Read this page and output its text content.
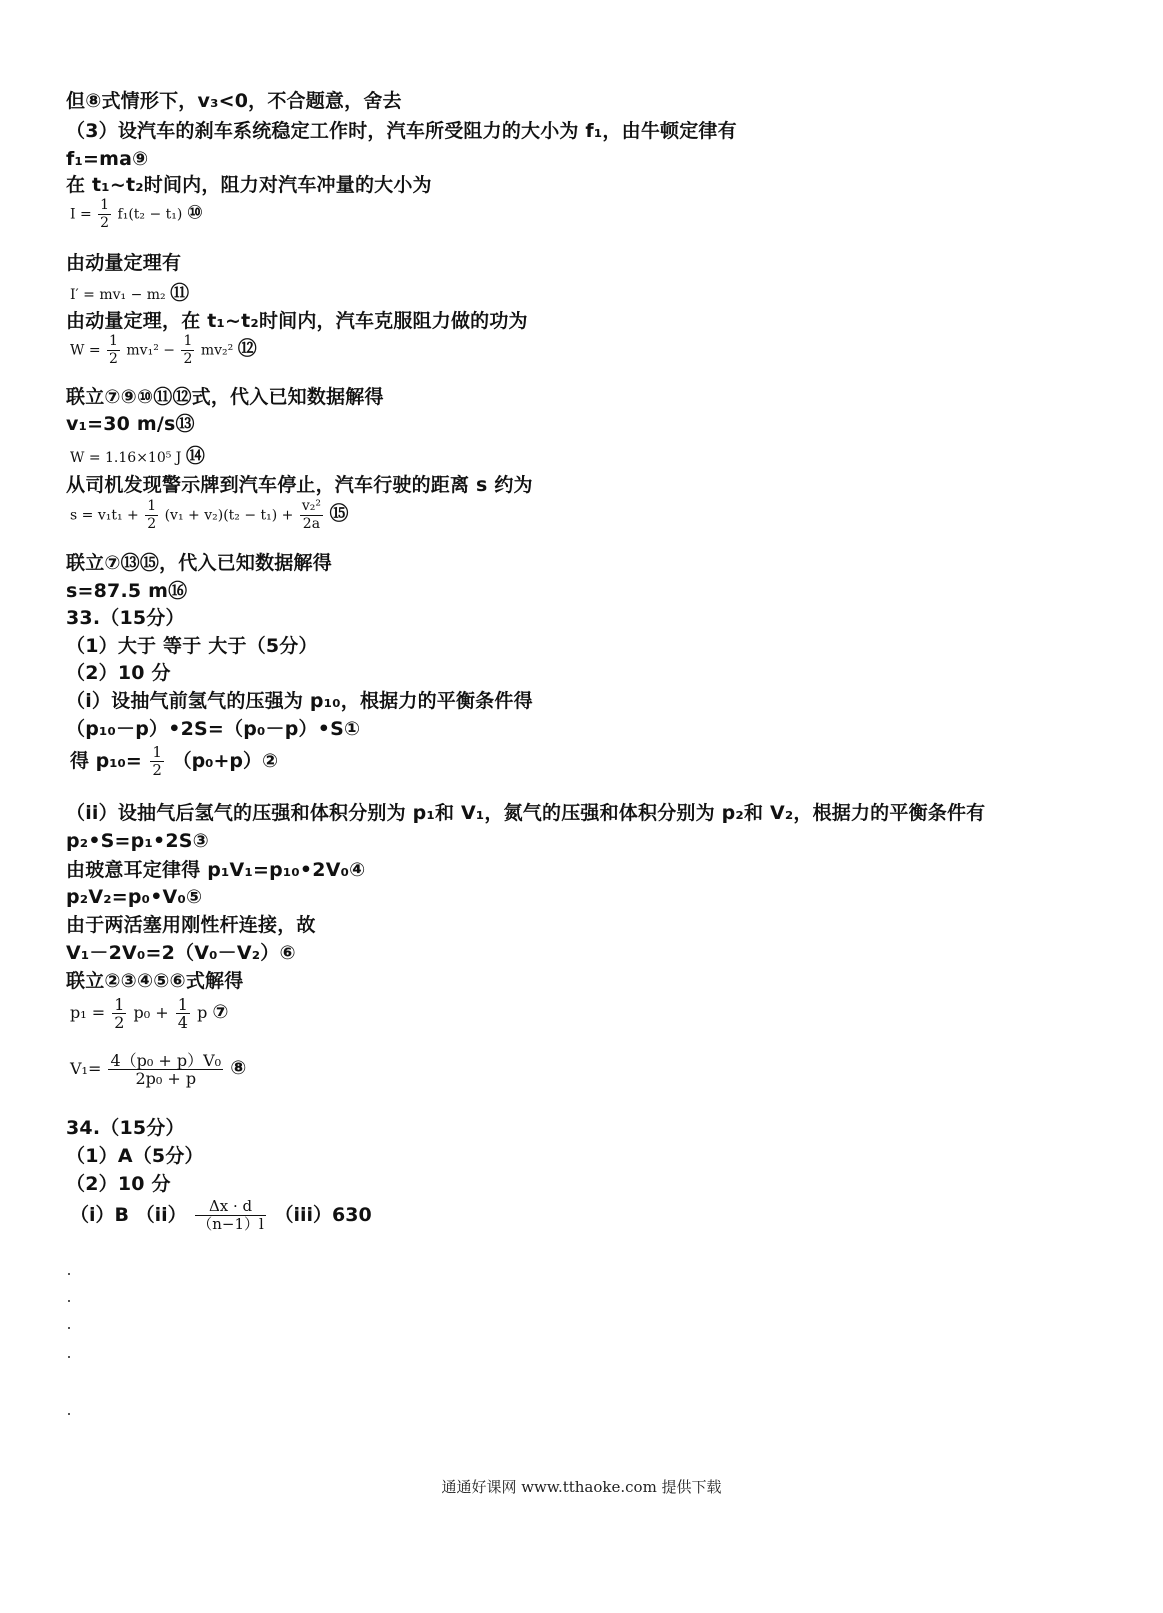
但⑧式情形下，v₃<0，不合题意，舍去
（3）设汽车的刹车系统稳定工作时，汽车所受阻力的大小为 f₁，由牛顿定律有
f₁=ma⑨
在 t₁~t₂时间内，阻力对汽车冲量的大小为
$I = \frac{1}{2} f_1(t_2 - t_1)$ ⑩
由动量定理有
I′ = mv₁ − m₂ ⑪
由动量定理，在 t₁~t₂时间内，汽车克服阻力做的功为
$W = \frac{1}{2} mv_1^2 - \frac{1}{2} mv_2^2$ ⑫
联立⑦⑨⑩⑪⑫式，代入已知数据解得
v₁=30 m/s⑬
W = 1.16×10⁵ J ⑭
从司机发现警示牌到汽车停止，汽车行驶的距离 s 约为
$s = v_1t_1 + \frac{1}{2} (v_1 + v_2)(t_2 - t_1) + \frac{\text{v₂²}}{2a}$ ⑮
联立⑦⑬⑮，代入已知数据解得
s=87.5 m⑯
33.（15分）
（1）大于 等于 大于（5分）
（2）10 分
（i）设抽气前氢气的压强为 p₁₀，根据力的平衡条件得
（p₁₀－p）•2S=（p₀－p）•S①
得 $p_{10}= \frac{1}{2}$ （p₀+p）②
（ii）设抽气后氢气的压强和体积分别为 p₁和 V₁，氮气的压强和体积分别为 p₂和 V₂，根据力的平衡条件有
p₂•S=p₁•2S③
由玻意耳定律得 p₁V₁=p₁₀•2V₀④
p₂V₂=p₀•V₀⑤
由于两活塞用刚性杆连接，故
V₁－2V₀=2（V₀－V₂）⑥
联立②③④⑤⑥式解得
$p_1 = \frac{1}{2} p_0 + \frac{1}{4}$ p ⑦
$V_1= \frac{\text{4（p₀ + p）V₀}}{\text{2p₀ + p}}$ ⑧
34.（15分）
（1）A（5分）
（2）10 分
（i）B $(ii) \frac{\Delta x \cdot d}{(n-1)l} (iii)630$
通通好课网 www.tthaoke.com 提供下载
